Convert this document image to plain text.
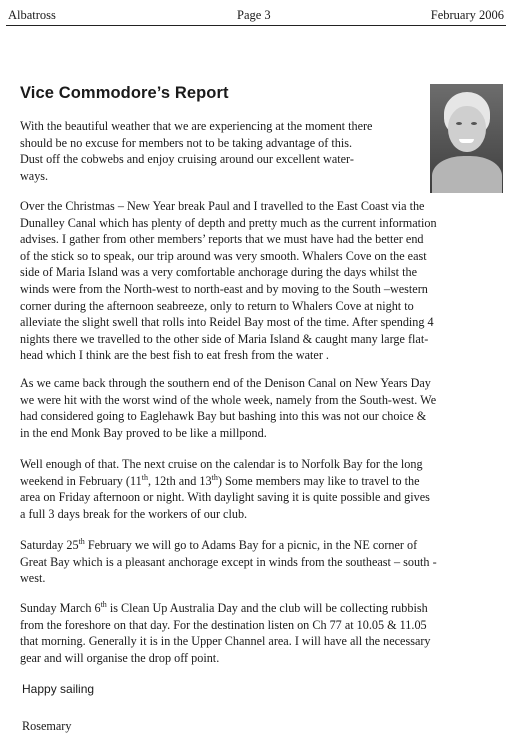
Albatross	Page 3	February 2006
Vice Commodore’s Report
With the beautiful weather that we are experiencing at the moment there
should be no excuse for members not to be taking advantage of this.
Dust off the cobwebs and enjoy cruising around our excellent water-
ways.
Over the Christmas – New Year break Paul and I travelled to the East Coast via the
Dunalley Canal which has plenty of depth and pretty much as the current information
advises. I gather from other members’ reports that we must have had the better end
of the stick so to speak, our trip around was very smooth. Whalers Cove on the east
side of Maria Island was a very comfortable anchorage during the days whilst the
winds were from the North-west to north-east and by moving to the South –western
corner during the afternoon seabreeze, only to return to Whalers Cove at night to
alleviate the slight swell that rolls into Reidel Bay most of the time. After spending 4
nights there we travelled to the other side of Maria Island & caught many large flat-
head which I think are the best fish to eat fresh from the water .
As we came back through the southern end of the Denison Canal on New Years Day
we were hit with the worst wind of the whole week, namely from the South-west. We
had considered going to Eaglehawk Bay but bashing into this was not our choice &
in the end Monk Bay proved to be like a millpond.
Well enough of that. The next cruise on the calendar is to Norfolk Bay for the long
weekend in February (11th, 12th and 13th) Some members may like to travel to the
area on Friday afternoon or night. With daylight saving it is quite possible and gives
a full 3 days break for the workers of our club.
Saturday 25th February we will go to Adams Bay for a picnic, in the NE corner of
Great Bay which is a pleasant anchorage except in winds from the southeast – south -
west.
Sunday March 6th is Clean Up Australia Day and the club will be collecting rubbish
from the foreshore on that day. For the destination listen on Ch 77 at 10.05 & 11.05
that morning. Generally it is in the Upper Channel area. I will have all the necessary
gear and will organise the drop off point.
Happy sailing
Rosemary
